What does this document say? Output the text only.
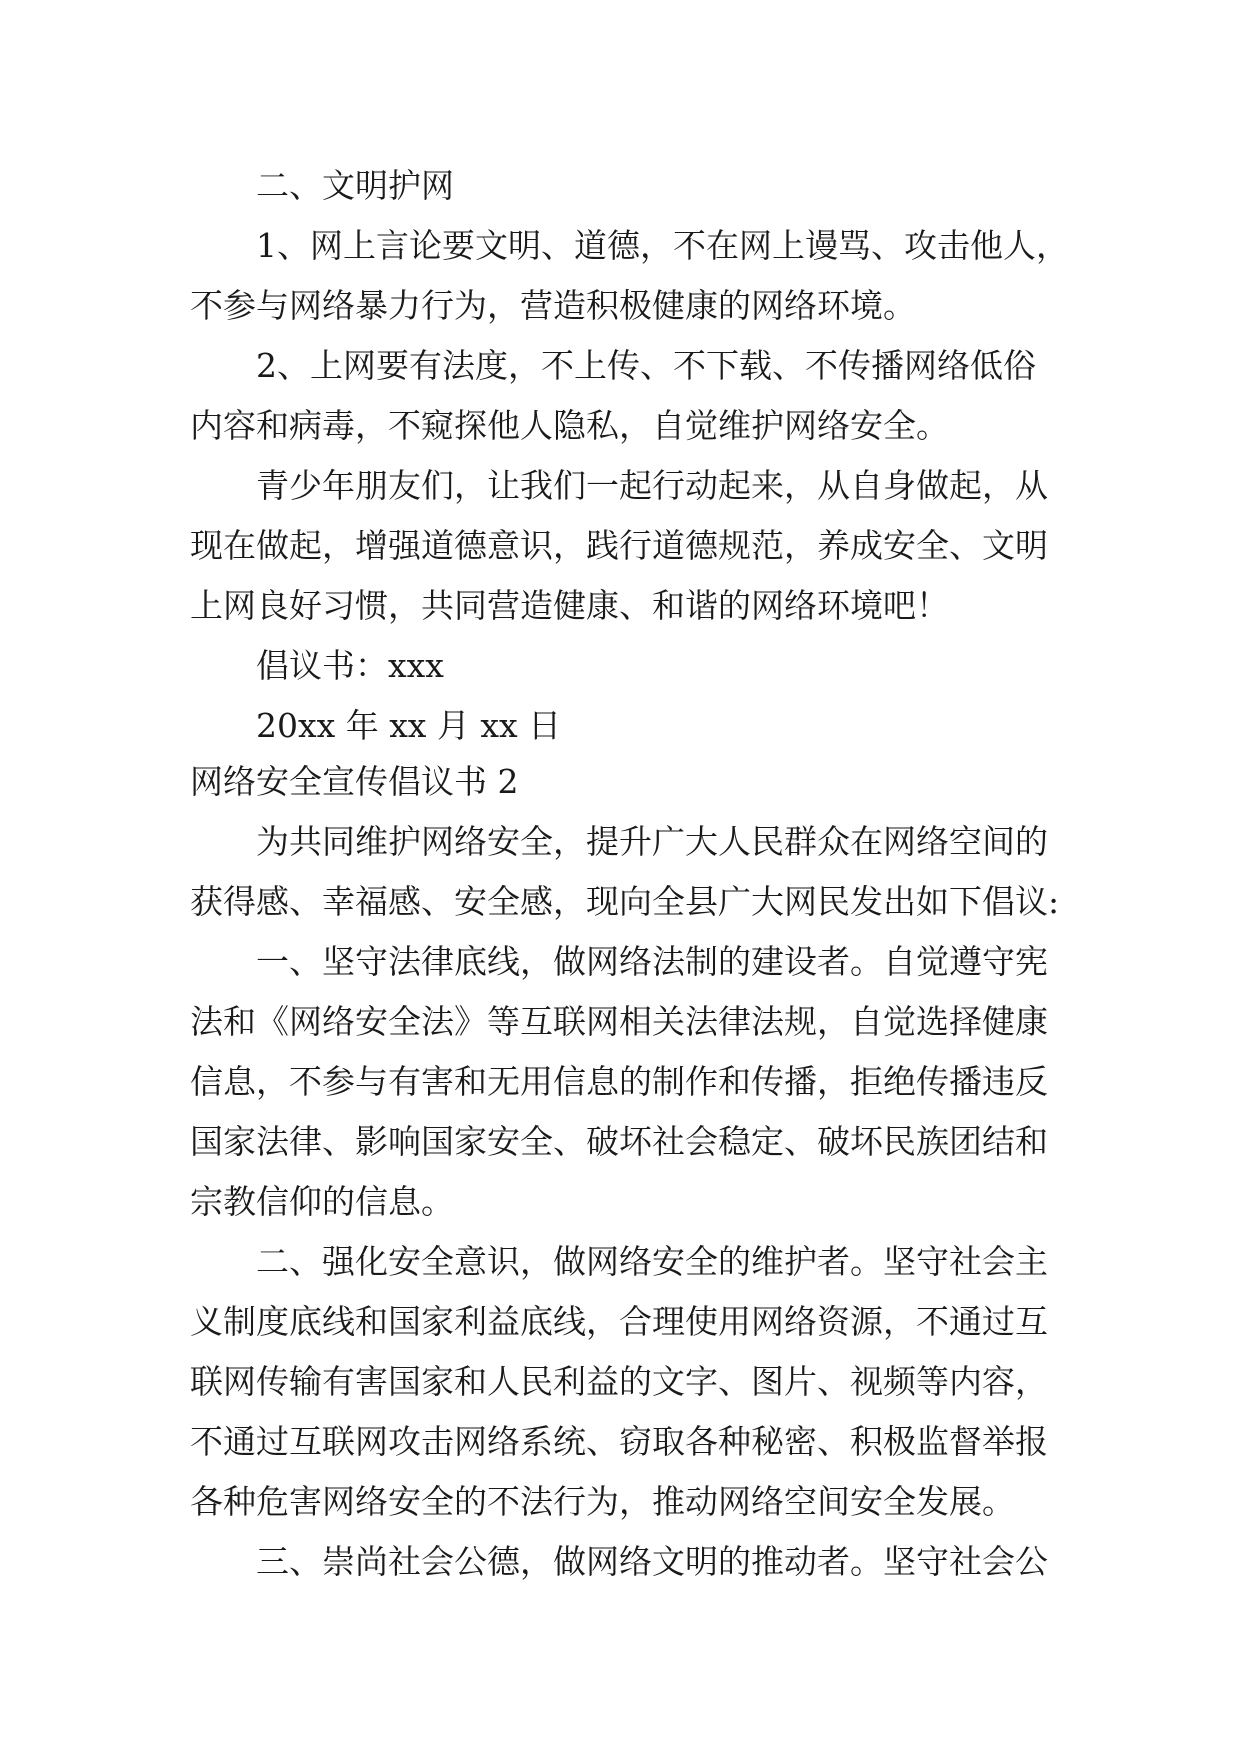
二、文明护网
1、网上言论要文明、道德，不在网上谩骂、攻击他人，
不参与网络暴力行为，营造积极健康的网络环境。
2、上网要有法度，不上传、不下载、不传播网络低俗
内容和病毒，不窥探他人隐私，自觉维护网络安全。
青少年朋友们，让我们一起行动起来，从自身做起，从
现在做起，增强道德意识，践行道德规范，养成安全、文明
上网良好习惯，共同营造健康、和谐的网络环境吧！
倡议书：xxx
20xx 年 xx 月 xx 日
网络安全宣传倡议书 2
为共同维护网络安全，提升广大人民群众在网络空间的
获得感、幸福感、安全感，现向全县广大网民发出如下倡议:
一、坚守法律底线，做网络法制的建设者。自觉遵守宪
法和《网络安全法》等互联网相关法律法规，自觉选择健康
信息，不参与有害和无用信息的制作和传播，拒绝传播违反
国家法律、影响国家安全、破坏社会稳定、破坏民族团结和
宗教信仰的信息。
二、强化安全意识，做网络安全的维护者。坚守社会主
义制度底线和国家利益底线，合理使用网络资源，不通过互
联网传输有害国家和人民利益的文字、图片、视频等内容，
不通过互联网攻击网络系统、窃取各种秘密、积极监督举报
各种危害网络安全的不法行为，推动网络空间安全发展。
三、崇尚社会公德，做网络文明的推动者。坚守社会公
